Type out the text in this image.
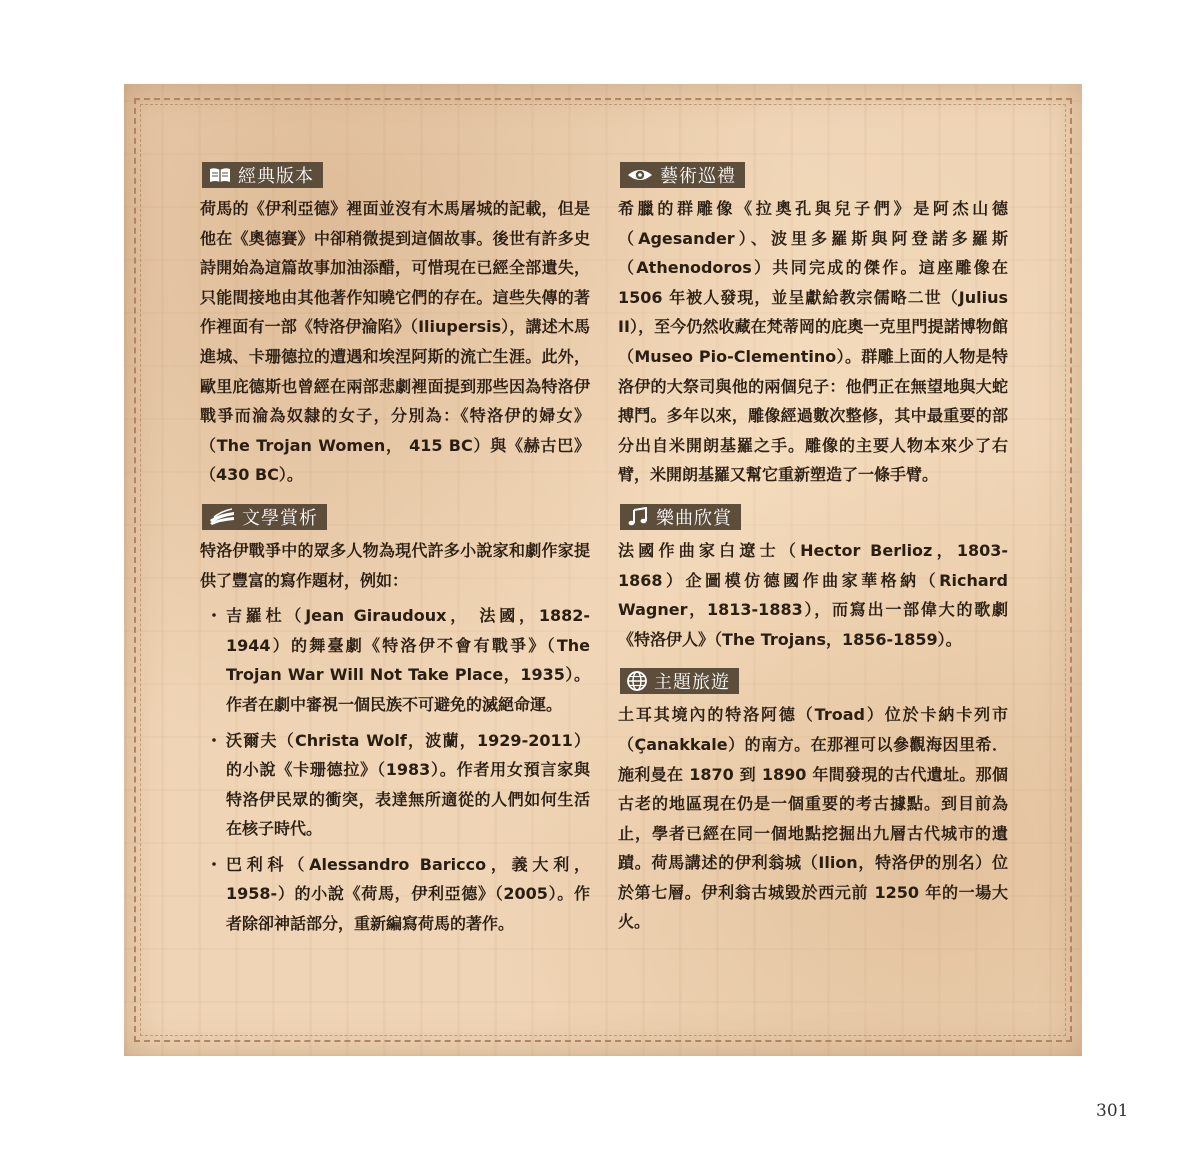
經典版本

荷馬的《伊利亞德》裡面並沒有木馬屠城的記載，但是他在《奧德賽》中卻稍微提到這個故事。後世有許多史詩開始為這篇故事加油添醋，可惜現在已經全部遺失，只能間接地由其他著作知曉它們的存在。這些失傳的著作裡面有一部《特洛伊淪陷》（Iliupersis），講述木馬進城、卡珊德拉的遭遇和埃涅阿斯的流亡生涯。此外，歐里庇德斯也曾經在兩部悲劇裡面提到那些因為特洛伊戰爭而淪為奴隸的女子，分別為：《特洛伊的婦女》（The Trojan Women， 415 BC）與《赫古巴》（430 BC）。

文學賞析

特洛伊戰爭中的眾多人物為現代許多小說家和劇作家提供了豐富的寫作題材，例如：

・ 吉羅杜（Jean Giraudoux， 法國，1882-1944）的舞臺劇《特洛伊不會有戰爭》（The Trojan War Will Not Take Place，1935）。作者在劇中審視一個民族不可避免的滅絕命運。
・ 沃爾夫（Christa Wolf，波蘭，1929-2011）的小說《卡珊德拉》（1983）。作者用女預言家與特洛伊民眾的衝突，表達無所適從的人們如何生活在核子時代。
・ 巴利科（Alessandro Baricco，義大利，1958-）的小說《荷馬，伊利亞德》（2005）。作者除卻神話部分，重新編寫荷馬的著作。
藝術巡禮

希臘的群雕像《拉奧孔與兒子們》是阿杰山德（Agesander）、波里多羅斯與阿登諾多羅斯（Athenodoros）共同完成的傑作。這座雕像在 1506 年被人發現，並呈獻給教宗儒略二世（Julius II），至今仍然收藏在梵蒂岡的庇奧一克里門提諾博物館（Museo Pio-Clementino）。群雕上面的人物是特洛伊的大祭司與他的兩個兒子：他們正在無望地與大蛇搏鬥。多年以來，雕像經過數次整修，其中最重要的部分出自米開朗基羅之手。雕像的主要人物本來少了右臂，米開朗基羅又幫它重新塑造了一條手臂。

樂曲欣賞

法國作曲家白遼士（Hector Berlioz，1803-1868）企圖模仿德國作曲家華格納（Richard Wagner，1813-1883），而寫出一部偉大的歌劇《特洛伊人》（The Trojans，1856-1859）。

主題旅遊

土耳其境內的特洛阿德（Troad）位於卡納卡列市（Çanakkale）的南方。在那裡可以參觀海因里希．施利曼在 1870 到 1890 年間發現的古代遺址。那個古老的地區現在仍是一個重要的考古據點。到目前為止，學者已經在同一個地點挖掘出九層古代城市的遺蹟。荷馬講述的伊利翁城（Ilion，特洛伊的別名）位於第七層。伊利翁古城毀於西元前 1250 年的一場大火。

301
